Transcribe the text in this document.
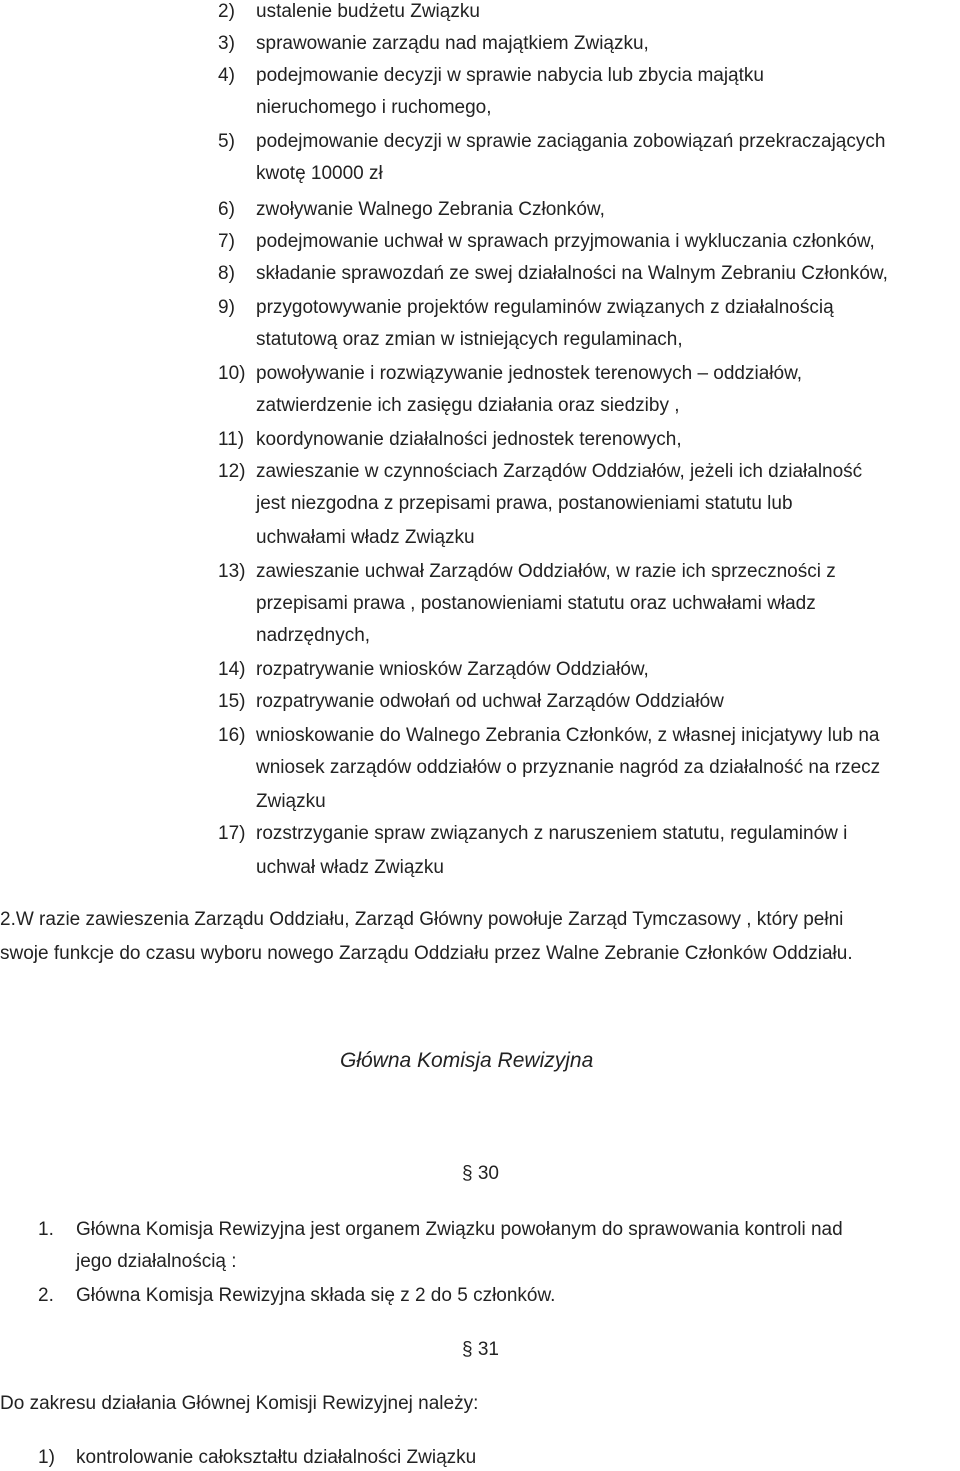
2) ustalenie budżetu Związku
3) sprawowanie zarządu nad majątkiem Związku,
4) podejmowanie decyzji w sprawie nabycia lub zbycia majątku
nieruchomego i ruchomego,
5) podejmowanie decyzji w sprawie zaciągania zobowiązań przekraczających
kwotę 10000 zł
6) zwoływanie Walnego Zebrania Członków,
7) podejmowanie uchwał w sprawach przyjmowania i wykluczania członków,
8) składanie sprawozdań ze swej działalności na Walnym Zebraniu Członków,
9) przygotowywanie projektów regulaminów związanych z działalnością
statutową oraz zmian w istniejących regulaminach,
10) powoływanie i rozwiązywanie jednostek terenowych – oddziałów,
zatwierdzenie ich zasięgu działania oraz siedziby ,
11) koordynowanie działalności jednostek terenowych,
12) zawieszanie w czynnościach Zarządów Oddziałów, jeżeli ich działalność
jest niezgodna z przepisami prawa, postanowieniami statutu lub
uchwałami władz Związku
13) zawieszanie uchwał Zarządów Oddziałów, w razie ich sprzeczności z
przepisami prawa , postanowieniami statutu oraz uchwałami władz
nadrzędnych,
14) rozpatrywanie wniosków Zarządów Oddziałów,
15) rozpatrywanie odwołań od uchwał Zarządów Oddziałów
16) wnioskowanie do Walnego Zebrania Członków, z własnej inicjatywy lub na
wniosek zarządów oddziałów o przyznanie nagród za działalność na rzecz
Związku
17) rozstrzyganie spraw związanych z naruszeniem statutu, regulaminów i
uchwał władz Związku
2.W razie zawieszenia Zarządu Oddziału, Zarząd Główny powołuje Zarząd Tymczasowy , który pełni
swoje funkcje do czasu wyboru nowego Zarządu Oddziału przez Walne Zebranie Członków Oddziału.
Główna Komisja Rewizyjna
§ 30
1. Główna Komisja Rewizyjna jest organem Związku powołanym do sprawowania kontroli nad
jego działalnością :
2. Główna Komisja Rewizyjna składa się z 2 do 5 członków.
§ 31
Do zakresu działania Głównej Komisji Rewizyjnej należy:
1) kontrolowanie całokształtu działalności Związku
